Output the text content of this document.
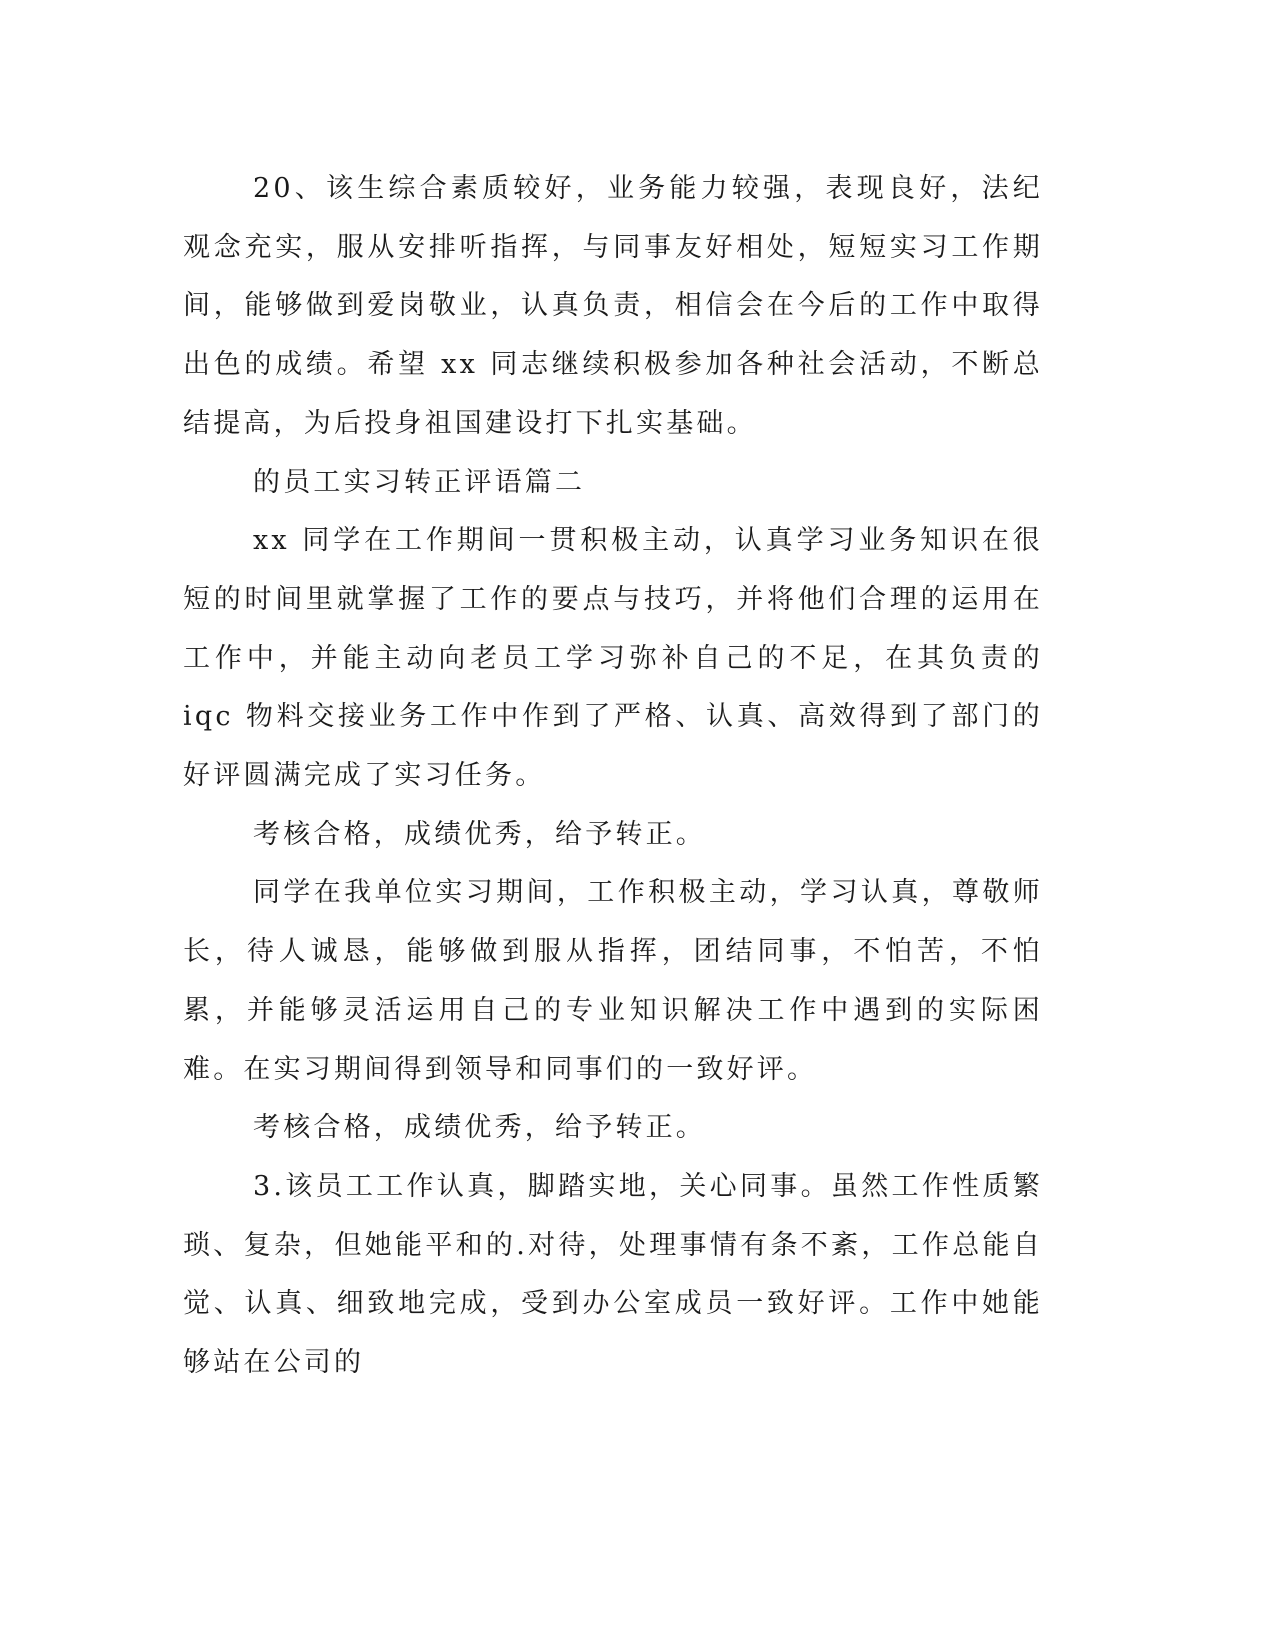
20、该生综合素质较好，业务能力较强，表现良好，法纪观念充实，服从安排听指挥，与同事友好相处，短短实习工作期间，能够做到爱岗敬业，认真负责，相信会在今后的工作中取得出色的成绩。希望 xx 同志继续积极参加各种社会活动，不断总结提高，为后投身祖国建设打下扎实基础。

的员工实习转正评语篇二

xx 同学在工作期间一贯积极主动，认真学习业务知识在很短的时间里就掌握了工作的要点与技巧，并将他们合理的运用在工作中，并能主动向老员工学习弥补自己的不足，在其负责的 iqc 物料交接业务工作中作到了严格、认真、高效得到了部门的好评圆满完成了实习任务。

考核合格，成绩优秀，给予转正。

同学在我单位实习期间，工作积极主动，学习认真，尊敬师长，待人诚恳，能够做到服从指挥，团结同事，不怕苦，不怕累，并能够灵活运用自己的专业知识解决工作中遇到的实际困难。在实习期间得到领导和同事们的一致好评。

考核合格，成绩优秀，给予转正。

3.该员工工作认真，脚踏实地，关心同事。虽然工作性质繁琐、复杂，但她能平和的.对待，处理事情有条不紊，工作总能自觉、认真、细致地完成，受到办公室成员一致好评。工作中她能够站在公司的
